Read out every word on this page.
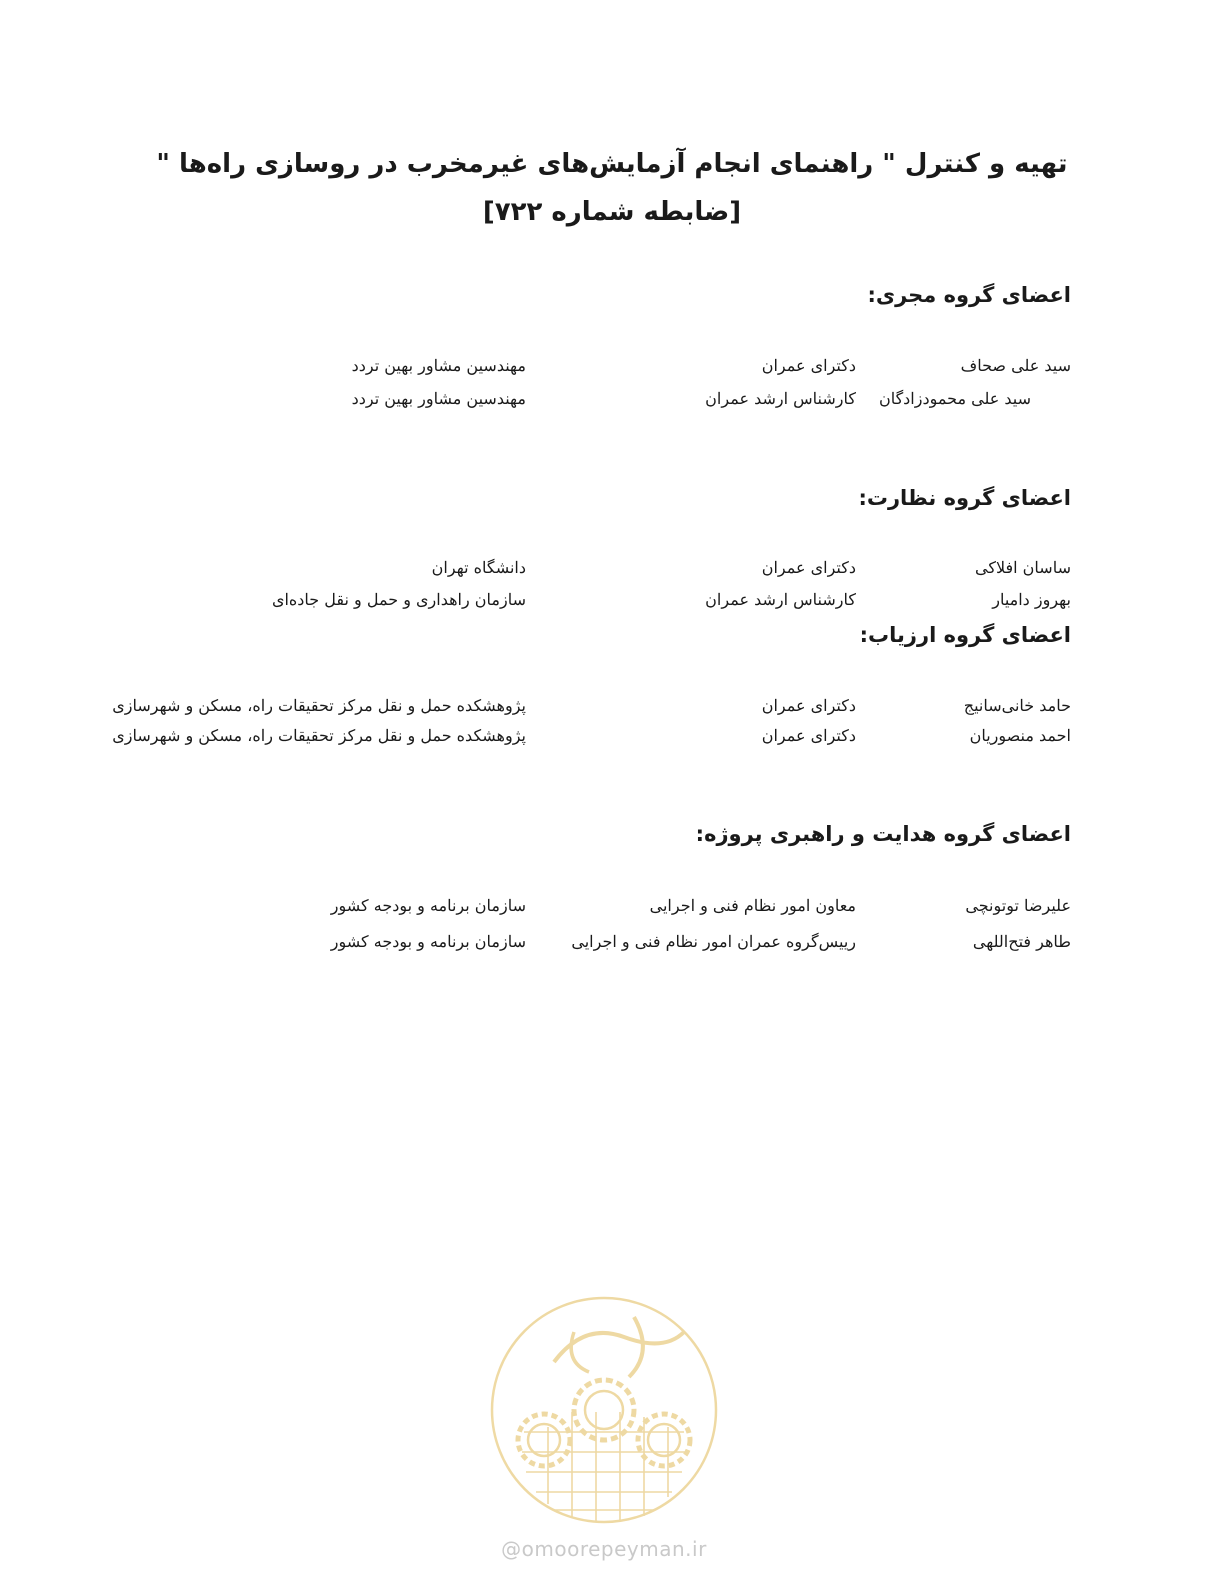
تهیه و کنترل " راهنمای انجام آزمایش‌های غیرمخرب در روسازی راه‌ها "
[ضابطه شماره ۷۲۲]
اعضای گروه مجری:
سید علی صحاف
دکترای عمران
مهندسین مشاور بهین تردد
سید علی محمودزادگان
کارشناس ارشد عمران
مهندسین مشاور بهین تردد
اعضای گروه نظارت:
ساسان افلاکی
دکترای عمران
دانشگاه تهران
بهروز دامیار
کارشناس ارشد عمران
سازمان راهداری و حمل و نقل جاده‌ای
اعضای گروه ارزیاب:
حامد خانی‌سانیج
دکترای عمران
پژوهشکده حمل و نقل مرکز تحقیقات راه، مسکن و شهرسازی
احمد منصوریان
دکترای عمران
پژوهشکده حمل و نقل مرکز تحقیقات راه، مسکن و شهرسازی
اعضای گروه هدایت و راهبری پروژه:
علیرضا توتونچی
معاون امور نظام فنی و اجرایی
سازمان برنامه و بودجه کشور
طاهر فتح‌اللهی
رییس‌گروه عمران امور نظام فنی و اجرایی
سازمان برنامه و بودجه کشور
@omoorepeyman.ir
